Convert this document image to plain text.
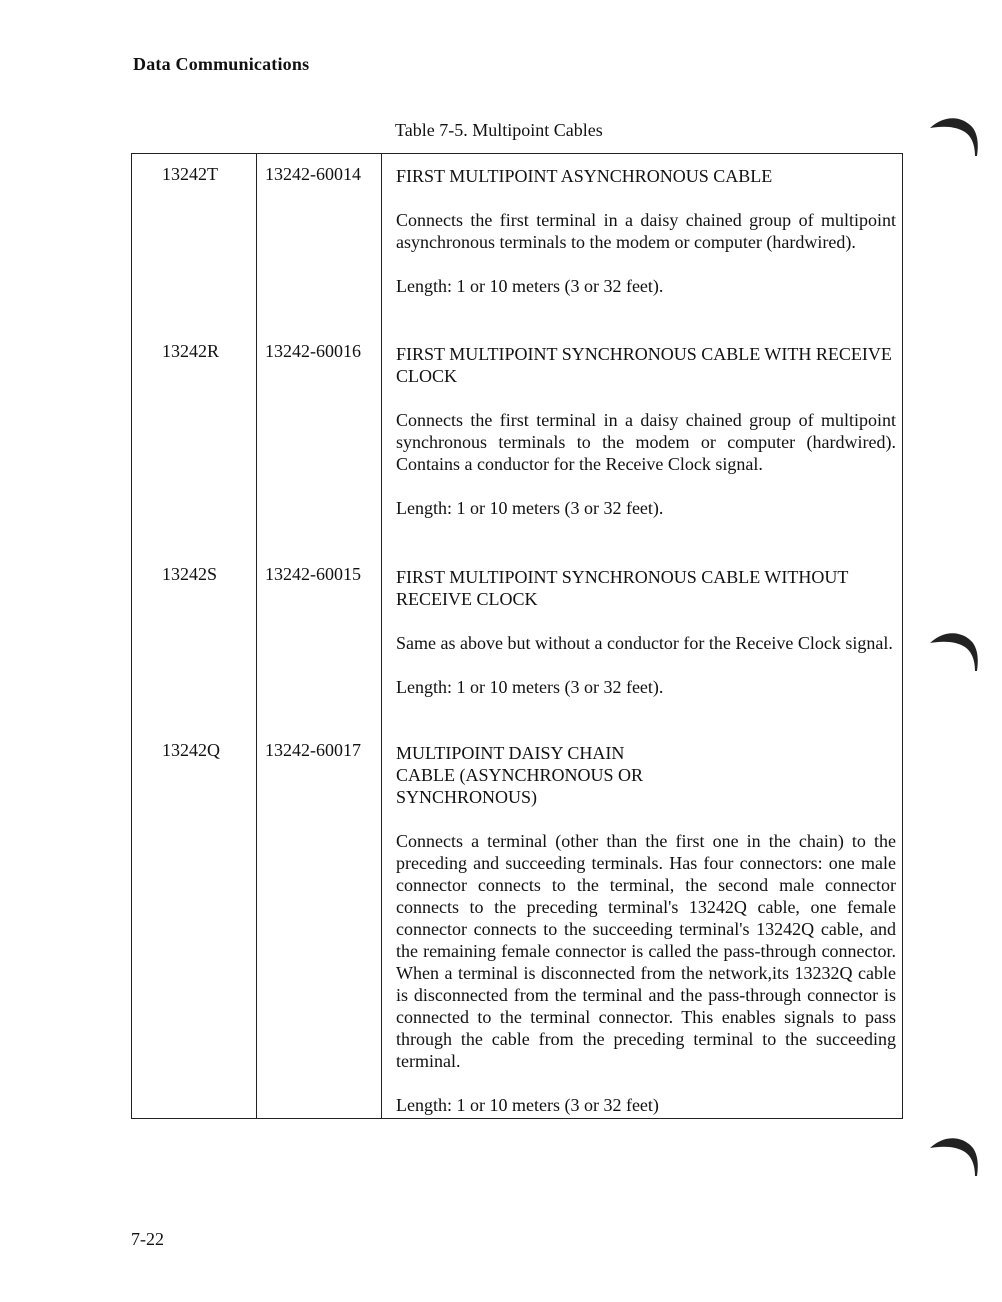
Data Communications
Table 7-5. Multipoint Cables
13242T
13242R
13242S
13242Q
13242-60014
13242-60016
13242-60015
13242-60017
FIRST MULTIPOINT ASYNCHRONOUS CABLE

Connects the first terminal in a daisy chained group of multipoint asynchronous terminals to the modem or computer (hardwired).

Length: 1 or 10 meters (3 or 32 feet).

FIRST MULTIPOINT SYNCHRONOUS CABLE WITH RECEIVE CLOCK

Connects the first terminal in a daisy chained group of multipoint synchronous terminals to the modem or computer (hardwired). Contains a conductor for the Receive Clock signal.

Length: 1 or 10 meters (3 or 32 feet).

FIRST MULTIPOINT SYNCHRONOUS CABLE WITHOUT RECEIVE CLOCK

Same as above but without a conductor for the Receive Clock signal.

Length: 1 or 10 meters (3 or 32 feet).

MULTIPOINT DAISY CHAIN CABLE (ASYNCHRONOUS OR SYNCHRONOUS)

Connects a terminal (other than the first one in the chain) to the preceding and succeeding terminals. Has four connectors: one male connector connects to the terminal, the second male connector connects to the preceding terminal's 13242Q cable, one female connector connects to the succeeding terminal's 13242Q cable, and the remaining female connector is called the pass-through connector. When a terminal is disconnected from the network,its 13232Q cable is disconnected from the terminal and the pass-through connector is connected to the terminal connector. This enables signals to pass through the cable from the preceding terminal to the succeeding terminal.

Length: 1 or 10 meters (3 or 32 feet)

7-22
